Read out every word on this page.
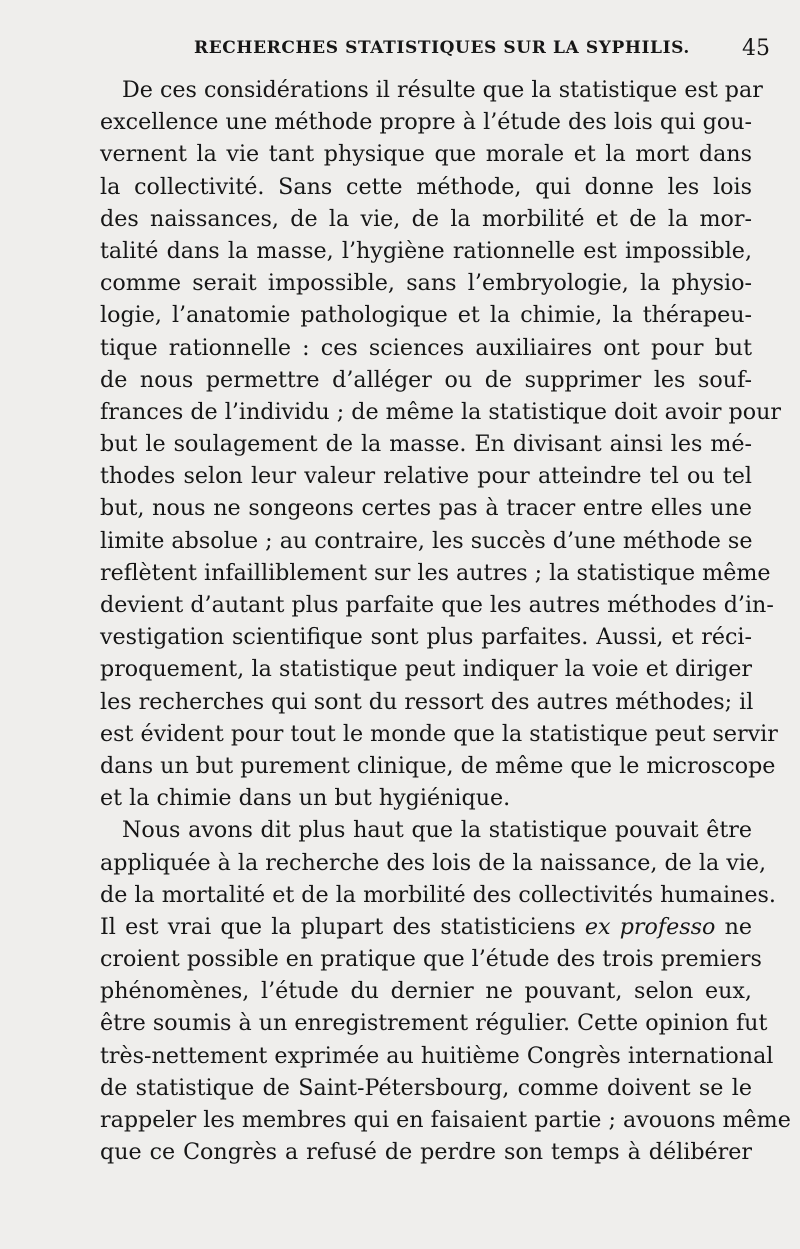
RECHERCHES STATISTIQUES SUR LA SYPHILIS. 45
De ces considérations il résulte que la statistique est par
excellence une méthode propre à l’étude des lois qui gou-
vernent la vie tant physique que morale et la mort dans
la collectivité. Sans cette méthode, qui donne les lois
des naissances, de la vie, de la morbilité et de la mor-
talité dans la masse, l’hygiène rationnelle est impossible,
comme serait impossible, sans l’embryologie, la physio-
logie, l’anatomie pathologique et la chimie, la thérapeu-
tique rationnelle : ces sciences auxiliaires ont pour but
de nous permettre d’alléger ou de supprimer les souf-
frances de l’individu ; de même la statistique doit avoir pour
but le soulagement de la masse. En divisant ainsi les mé-
thodes selon leur valeur relative pour atteindre tel ou tel
but, nous ne songeons certes pas à tracer entre elles une
limite absolue ; au contraire, les succès d’une méthode se
reflètent infailliblement sur les autres ; la statistique même
devient d’autant plus parfaite que les autres méthodes d’in-
vestigation scientifique sont plus parfaites. Aussi, et réci-
proquement, la statistique peut indiquer la voie et diriger
les recherches qui sont du ressort des autres méthodes; il
est évident pour tout le monde que la statistique peut servir
dans un but purement clinique, de même que le microscope
et la chimie dans un but hygiénique.
Nous avons dit plus haut que la statistique pouvait être
appliquée à la recherche des lois de la naissance, de la vie,
de la mortalité et de la morbilité des collectivités humaines.
Il est vrai que la plupart des statisticiens ex professo ne
croient possible en pratique que l’étude des trois premiers
phénomènes, l’étude du dernier ne pouvant, selon eux,
être soumis à un enregistrement régulier. Cette opinion fut
très-nettement exprimée au huitième Congrès international
de statistique de Saint-Pétersbourg, comme doivent se le
rappeler les membres qui en faisaient partie ; avouons même
que ce Congrès a refusé de perdre son temps à délibérer
